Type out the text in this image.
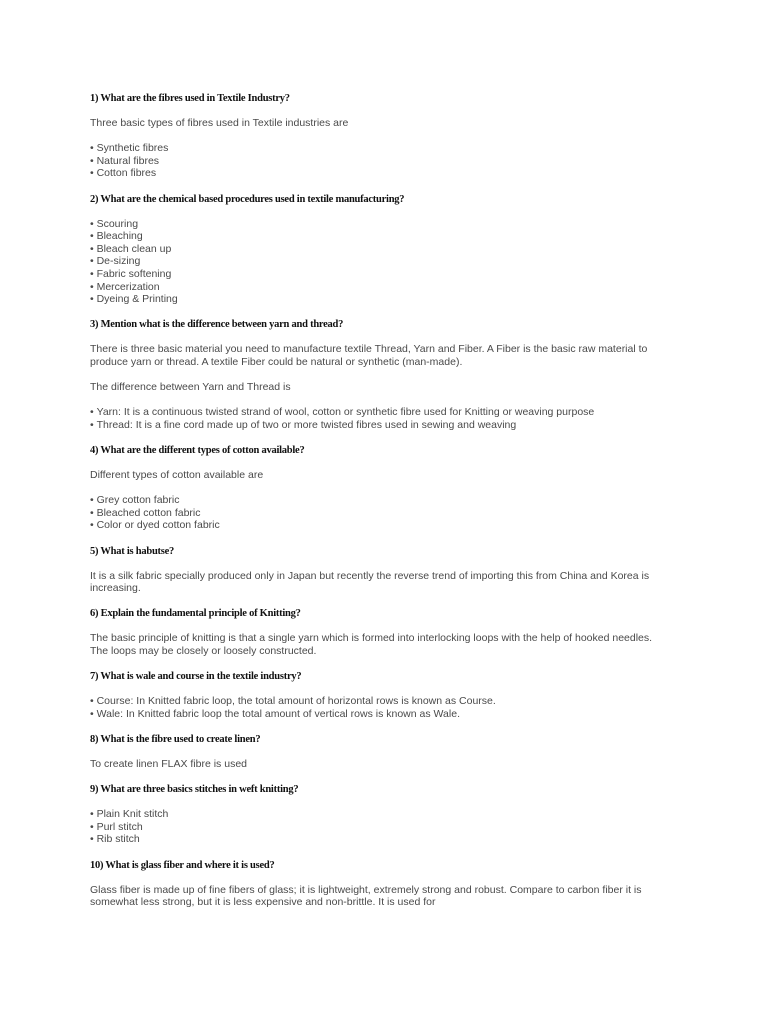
1) What are the fibres used in Textile Industry?
Three basic types of fibres used in Textile industries are
• Synthetic fibres
• Natural fibres
• Cotton fibres
2) What are the chemical based procedures used in textile manufacturing?
• Scouring
• Bleaching
• Bleach clean up
• De-sizing
• Fabric softening
• Mercerization
• Dyeing & Printing
3) Mention what is the difference between yarn and thread?
There is three basic material you need to manufacture textile Thread, Yarn and Fiber. A Fiber is the basic raw material to produce yarn or thread. A textile Fiber could be natural or synthetic (man-made).
The difference between Yarn and Thread is
• Yarn: It is a continuous twisted strand of wool, cotton or synthetic fibre used for Knitting or weaving purpose
• Thread: It is a fine cord made up of two or more twisted fibres used in sewing and weaving
4) What are the different types of cotton available?
Different types of cotton available are
• Grey cotton fabric
• Bleached cotton fabric
• Color or dyed cotton fabric
5) What is habutse?
It is a silk fabric specially produced only in Japan but recently the reverse trend of importing this from China and Korea is increasing.
6) Explain the fundamental principle of Knitting?
The basic principle of knitting is that a single yarn which is formed into interlocking loops with the help of hooked needles. The loops may be closely or loosely constructed.
7) What is wale and course in the textile industry?
• Course: In Knitted fabric loop, the total amount of horizontal rows is known as Course.
• Wale: In Knitted fabric loop the total amount of vertical rows is known as Wale.
8) What is the fibre used to create linen?
To create linen FLAX fibre is used
9) What are three basics stitches in weft knitting?
• Plain Knit stitch
• Purl stitch
• Rib stitch
10) What is glass fiber and where it is used?
Glass fiber is made up of fine fibers of glass; it is lightweight, extremely strong and robust. Compare to carbon fiber it is somewhat less strong, but it is less expensive and non-brittle. It is used for
